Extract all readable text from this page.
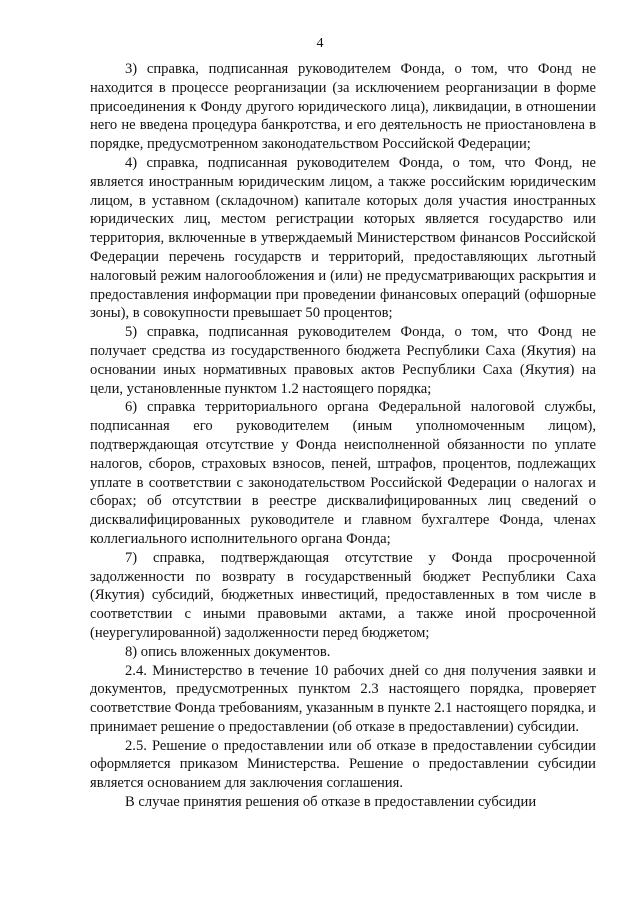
4

3) справка, подписанная руководителем Фонда, о том, что Фонд не находится в процессе реорганизации (за исключением реорганизации в форме присоединения к Фонду другого юридического лица), ликвидации, в отношении него не введена процедура банкротства, и его деятельность не приостановлена в порядке, предусмотренном законодательством Российской Федерации;

4) справка, подписанная руководителем Фонда, о том, что Фонд, не является иностранным юридическим лицом, а также российским юридическим лицом, в уставном (складочном) капитале которых доля участия иностранных юридических лиц, местом регистрации которых является государство или территория, включенные в утверждаемый Министерством финансов Российской Федерации перечень государств и территорий, предоставляющих льготный налоговый режим налогообложения и (или) не предусматривающих раскрытия и предоставления информации при проведении финансовых операций (офшорные зоны), в совокупности превышает 50 процентов;

5) справка, подписанная руководителем Фонда, о том, что Фонд не получает средства из государственного бюджета Республики Саха (Якутия) на основании иных нормативных правовых актов Республики Саха (Якутия) на цели, установленные пунктом 1.2 настоящего порядка;

6) справка территориального органа Федеральной налоговой службы, подписанная его руководителем (иным уполномоченным лицом), подтверждающая отсутствие у Фонда неисполненной обязанности по уплате налогов, сборов, страховых взносов, пеней, штрафов, процентов, подлежащих уплате в соответствии с законодательством Российской Федерации о налогах и сборах; об отсутствии в реестре дисквалифицированных лиц сведений о дисквалифицированных руководителе и главном бухгалтере Фонда, членах коллегиального исполнительного органа Фонда;

7) справка, подтверждающая отсутствие у Фонда просроченной задолженности по возврату в государственный бюджет Республики Саха (Якутия) субсидий, бюджетных инвестиций, предоставленных в том числе в соответствии с иными правовыми актами, а также иной просроченной (неурегулированной) задолженности перед бюджетом;

8) опись вложенных документов.

2.4. Министерство в течение 10 рабочих дней со дня получения заявки и документов, предусмотренных пунктом 2.3 настоящего порядка, проверяет соответствие Фонда требованиям, указанным в пункте 2.1 настоящего порядка, и принимает решение о предоставлении (об отказе в предоставлении) субсидии.

2.5. Решение о предоставлении или об отказе в предоставлении субсидии оформляется приказом Министерства. Решение о предоставлении субсидии является основанием для заключения соглашения.

В случае принятия решения об отказе в предоставлении субсидии
